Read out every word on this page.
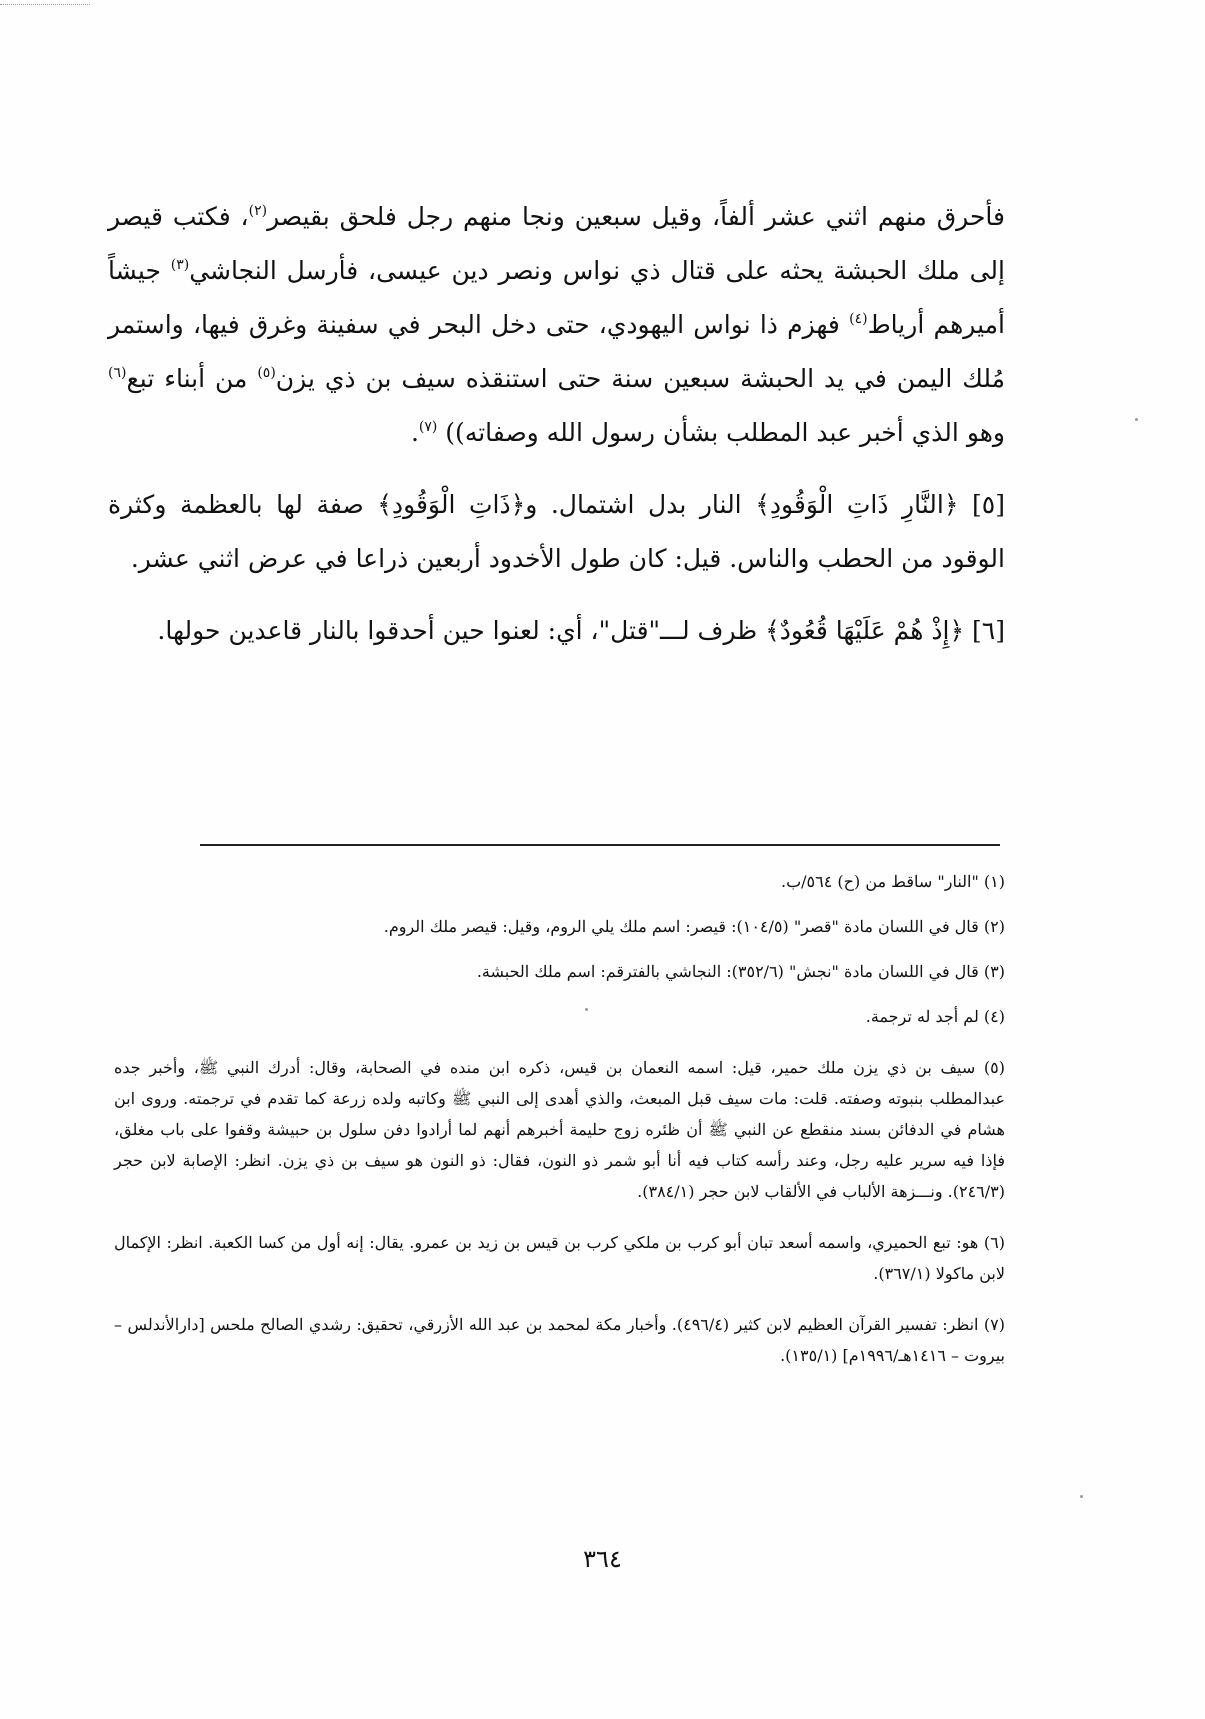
فأحرق منهم اثني عشر ألفاً، وقيل سبعين ونجا منهم رجل فلحق بقيصر$^{(٢)}$، فكتب قيصر إلى ملك الحبشة يحثه على قتال ذي نواس ونصر دين عيسى، فأرسل النجاشي$^{(٣)}$ جيشاً أميرهم أرياط$^{(٤)}$ فهزم ذا نواس اليهودي، حتى دخل البحر في سفينة وغرق فيها، واستمر مُلك اليمن في يد الحبشة سبعين سنة حتى استنقذه سيف بن ذي يزن$^{(٥)}$ من أبناء تبع$^{(٦)}$ وهو الذي أخبر عبد المطلب بشأن رسول الله وصفاته)) $^{(٧)}$.

[٥] ﴿النَّارِ ذَاتِ الْوَقُودِ﴾ النار بدل اشتمال. و﴿ذَاتِ الْوَقُودِ﴾ صفة لها بالعظمة وكثرة الوقود من الحطب والناس. قيل: كان طول الأخدود أربعين ذراعا في عرض اثني عشر.

[٦] ﴿إِذْ هُمْ عَلَيْهَا قُعُودٌ﴾ ظرف لـــ"قتل"، أي: لعنوا حين أحدقوا بالنار قاعدين حولها.

(١) "النار" ساقط من (ح) ٥٦٤/ب.

(٢) قال في اللسان مادة "قصر" (١٠٤/٥): قيصر: اسم ملك يلي الروم، وقيل: قيصر ملك الروم.

(٣) قال في اللسان مادة "نجش" (٣٥٢/٦): النجاشي بالفترقم: اسم ملك الحبشة.

(٤) لم أجد له ترجمة.

(٥) سيف بن ذي يزن ملك حمير، قيل: اسمه النعمان بن قيس، ذكره ابن منده في الصحابة، وقال: أدرك النبي ﷺ، وأخبر جده عبدالمطلب بنبوته وصفته. قلت: مات سيف قبل المبعث، والذي أهدى إلى النبي ﷺ وكاتبه ولده زرعة كما تقدم في ترجمته. وروى ابن هشام في الدفائن بسند منقطع عن النبي ﷺ أن ظئره زوج حليمة أخبرهم أنهم لما أرادوا دفن سلول بن حبيشة وقفوا على باب مغلق، فإذا فيه سرير عليه رجل، وعند رأسه كتاب فيه أنا أبو شمر ذو النون، فقال: ذو النون هو سيف بن ذي يزن. انظر: الإصابة لابن حجر (٢٤٦/٣). ونـــزهة الألباب في الألقاب لابن حجر (٣٨٤/١).

(٦) هو: تبع الحميري، واسمه أسعد تبان أبو كرب بن ملكي كرب بن قيس بن زيد بن عمرو. يقال: إنه أول من كسا الكعبة. انظر: الإكمال لابن ماكولا (٣٦٧/١).

(٧) انظر: تفسير القرآن العظيم لابن كثير (٤٩٦/٤). وأخبار مكة لمحمد بن عبد الله الأزرقي، تحقيق: رشدي الصالح ملحس [دارالأندلس – بيروت – ١٤١٦هـ/١٩٩٦م] (١٣٥/١).

٣٦٤
